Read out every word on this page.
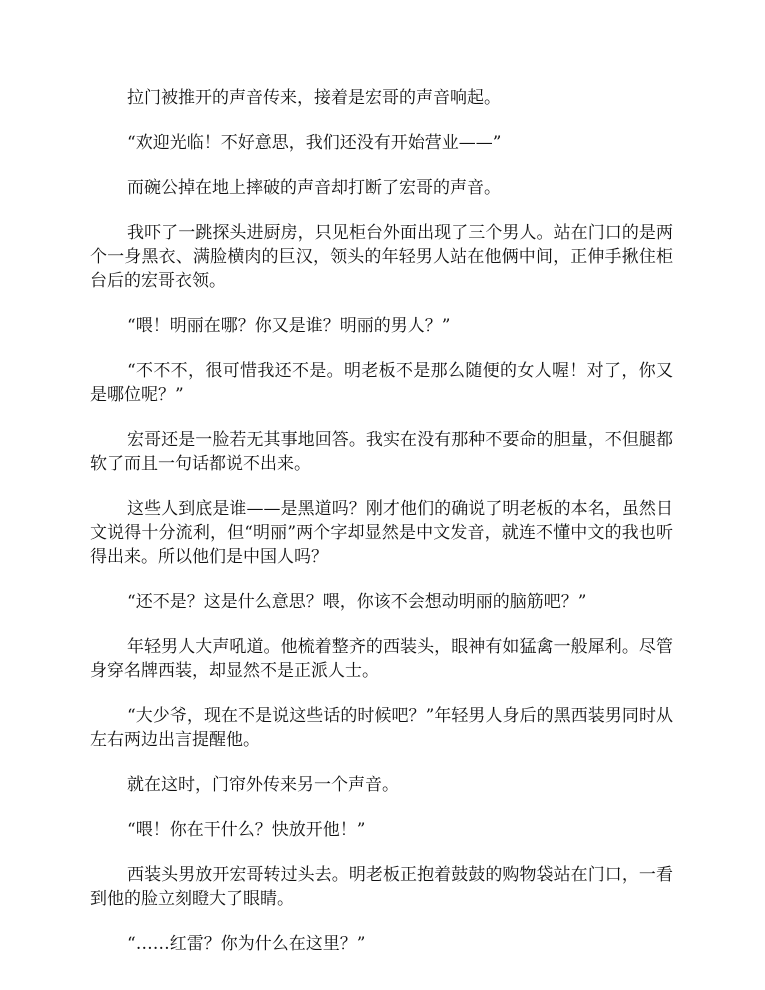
拉门被推开的声音传来，接着是宏哥的声音响起。

“欢迎光临！不好意思，我们还没有开始营业——”

而碗公掉在地上摔破的声音却打断了宏哥的声音。

我吓了一跳探头进厨房，只见柜台外面出现了三个男人。站在门口的是两个一身黑衣、满脸横肉的巨汉，领头的年轻男人站在他俩中间，正伸手揪住柜台后的宏哥衣领。

“喂！明丽在哪？你又是谁？明丽的男人？”

“不不不，很可惜我还不是。明老板不是那么随便的女人喔！对了，你又是哪位呢？”

宏哥还是一脸若无其事地回答。我实在没有那种不要命的胆量，不但腿都软了而且一句话都说不出来。

这些人到底是谁——是黑道吗？刚才他们的确说了明老板的本名，虽然日文说得十分流利，但“明丽”两个字却显然是中文发音，就连不懂中文的我也听得出来。所以他们是中国人吗？

“还不是？这是什么意思？喂，你该不会想动明丽的脑筋吧？”

年轻男人大声吼道。他梳着整齐的西装头，眼神有如猛禽一般犀利。尽管身穿名牌西装，却显然不是正派人士。

“大少爷，现在不是说这些话的时候吧？”年轻男人身后的黑西装男同时从左右两边出言提醒他。

就在这时，门帘外传来另一个声音。

“喂！你在干什么？快放开他！”

西装头男放开宏哥转过头去。明老板正抱着鼓鼓的购物袋站在门口，一看到他的脸立刻瞪大了眼睛。

“……红雷？你为什么在这里？”
